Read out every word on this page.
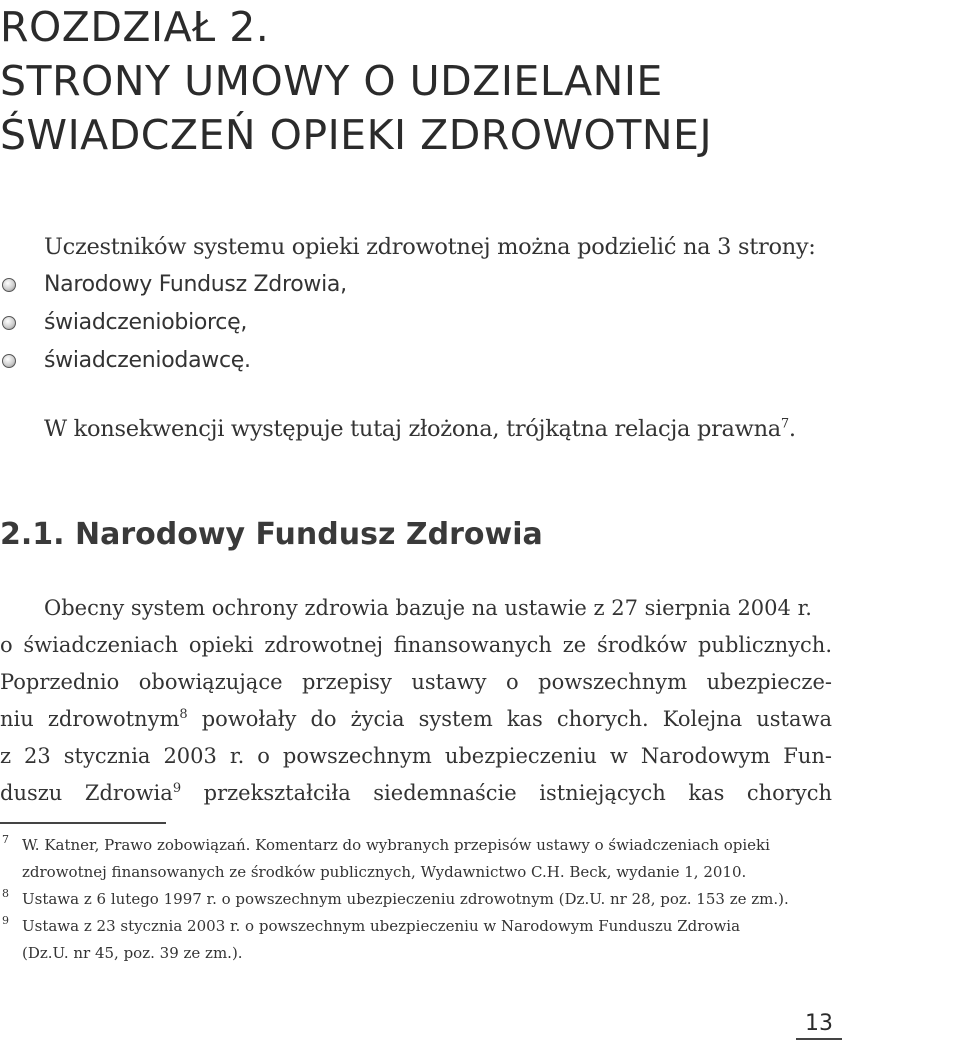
ROZDZIAŁ 2.
STRONY UMOWY O UDZIELANIE
ŚWIADCZEŃ OPIEKI ZDROWOTNEJ
Uczestników systemu opieki zdrowotnej można podzielić na 3 strony:
Narodowy Fundusz Zdrowia,
świadczeniobiorcę,
świadczeniodawcę.
W konsekwencji występuje tutaj złożona, trójkątna relacja prawna$^7$.
2.1. Narodowy Fundusz Zdrowia
Obecny system ochrony zdrowia bazuje na ustawie z 27 sierpnia 2004 r.
o świadczeniach opieki zdrowotnej finansowanych ze środków publicznych.
Poprzednio obowiązujące przepisy ustawy o powszechnym ubezpiecze-
niu zdrowotnym$^8$ powołały do życia system kas chorych. Kolejna ustawa
z 23 stycznia 2003 r. o powszechnym ubezpieczeniu w Narodowym Fun-
duszu Zdrowia$^9$ przekształciła siedemnaście istniejących kas chorych
7 W. Katner, Prawo zobowiązań. Komentarz do wybranych przepisów ustawy o świadczeniach opieki
zdrowotnej finansowanych ze środków publicznych, Wydawnictwo C.H. Beck, wydanie 1, 2010.
8 Ustawa z 6 lutego 1997 r. o powszechnym ubezpieczeniu zdrowotnym (Dz.U. nr 28, poz. 153 ze zm.).
9 Ustawa z 23 stycznia 2003 r. o powszechnym ubezpieczeniu w Narodowym Funduszu Zdrowia
(Dz.U. nr 45, poz. 39 ze zm.).
13
